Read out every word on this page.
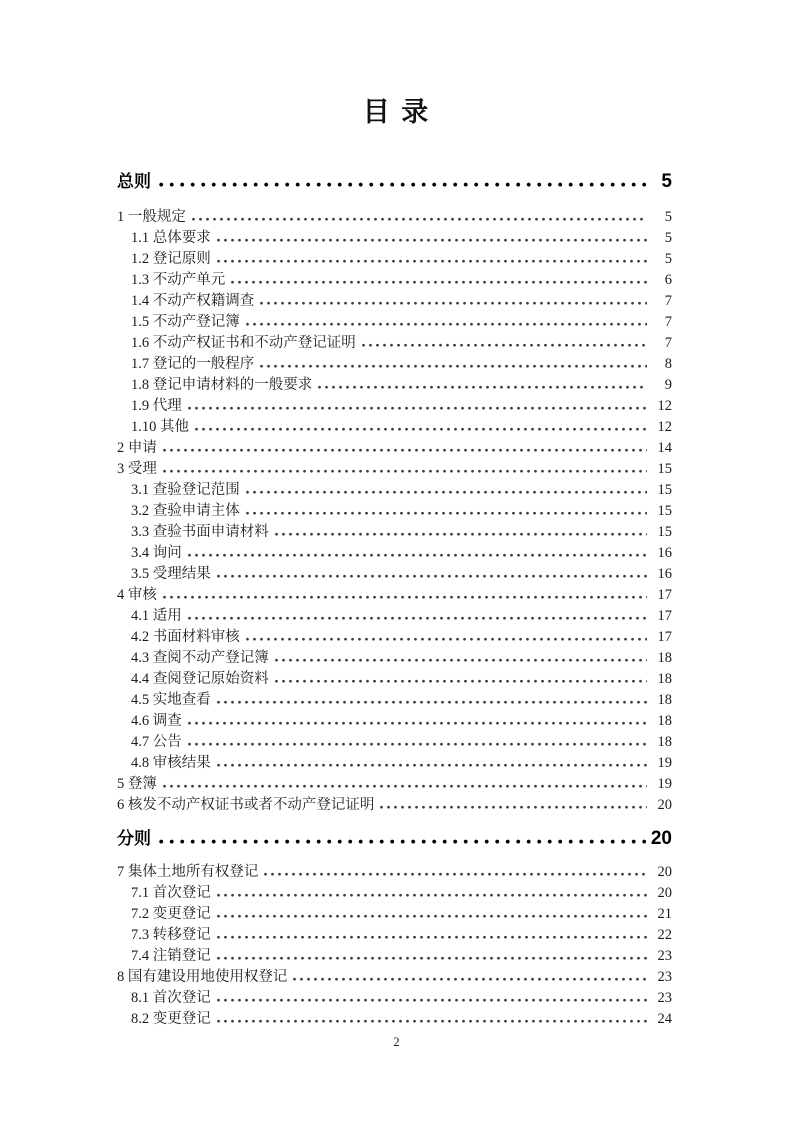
目 录
总则	5
1 一般规定	5
1.1 总体要求	5
1.2 登记原则	5
1.3 不动产单元	6
1.4 不动产权籍调查	7
1.5 不动产登记簿	7
1.6 不动产权证书和不动产登记证明	7
1.7 登记的一般程序	8
1.8 登记申请材料的一般要求	9
1.9 代理	12
1.10 其他	12
2 申请	14
3 受理	15
3.1 查验登记范围	15
3.2 查验申请主体	15
3.3 查验书面申请材料	15
3.4 询问	16
3.5 受理结果	16
4 审核	17
4.1 适用	17
4.2 书面材料审核	17
4.3 查阅不动产登记簿	18
4.4 查阅登记原始资料	18
4.5 实地查看	18
4.6 调查	18
4.7 公告	18
4.8 审核结果	19
5 登簿	19
6 核发不动产权证书或者不动产登记证明	20
分则	20
7 集体土地所有权登记	20
7.1 首次登记	20
7.2 变更登记	21
7.3 转移登记	22
7.4 注销登记	23
8 国有建设用地使用权登记	23
8.1 首次登记	23
8.2 变更登记	24
2
